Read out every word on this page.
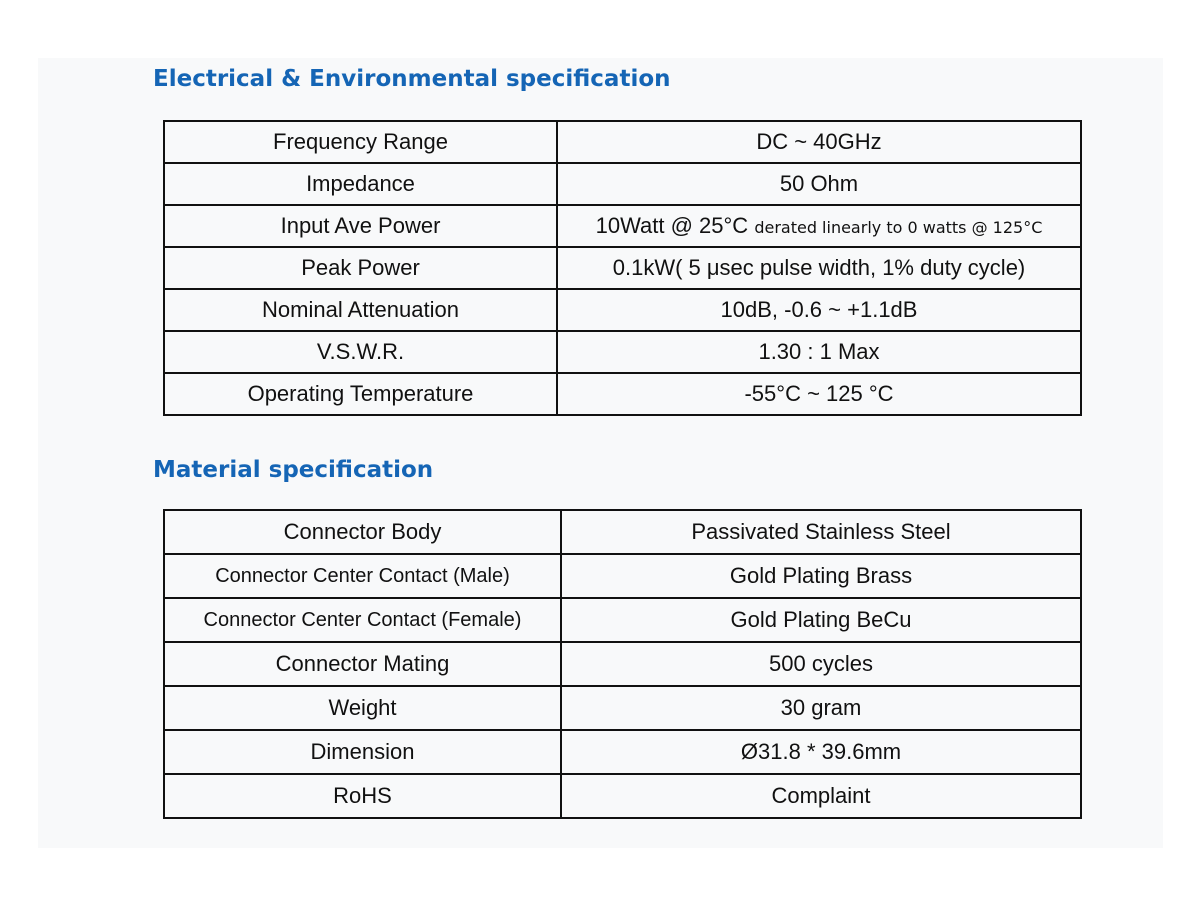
Electrical & Environmental specification
Frequency Range	DC ~ 40GHz
Impedance	50 Ohm
Input Ave Power	10Watt @ 25°C derated linearly to 0 watts @ 125°C
Peak Power	0.1kW( 5 μsec pulse width, 1% duty cycle)
Nominal Attenuation	10dB, -0.6 ~ +1.1dB
V.S.W.R.	1.30 : 1 Max
Operating Temperature	-55°C ~ 125 °C
Material specification
Connector Body	Passivated Stainless Steel
Connector Center Contact (Male)	Gold Plating Brass
Connector Center Contact (Female)	Gold Plating BeCu
Connector Mating	500 cycles
Weight	30 gram
Dimension	Ø31.8 * 39.6mm
RoHS	Complaint
